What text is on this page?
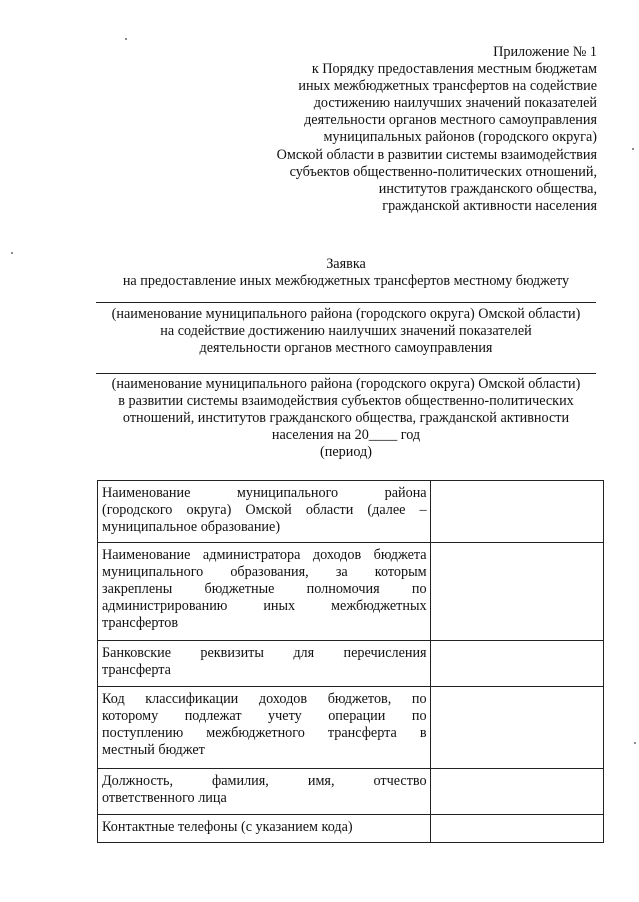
Приложение № 1
к Порядку предоставления местным бюджетам
иных межбюджетных трансфертов на содействие
достижению наилучших значений показателей
деятельности органов местного самоуправления
муниципальных районов (городского округа)
Омской области в развитии системы взаимодействия
субъектов общественно-политических отношений,
институтов гражданского общества,
гражданской активности населения
Заявка
на предоставление иных межбюджетных трансфертов местному бюджету
(наименование муниципального района (городского округа) Омской области)
на содействие достижению наилучших значений показателей
деятельности органов местного самоуправления
(наименование муниципального района (городского округа) Омской области)
в развитии системы взаимодействия субъектов общественно-политических
отношений, институтов гражданского общества, гражданской активности
населения на 20____ год
(период)
Наименование муниципального района
(городского округа) Омской области (далее –
муниципальное образование)	

Наименование администратора доходов бюджета
муниципального образования, за которым
закреплены бюджетные полномочия по
администрированию иных межбюджетных
трансфертов	

Банковские реквизиты для перечисления
трансферта	

Код классификации доходов бюджетов, по
которому подлежат учету операции по
поступлению межбюджетного трансферта в
местный бюджет	

Должность, фамилия, имя, отчество
ответственного лица	

Контактные телефоны (с указанием кода)	
